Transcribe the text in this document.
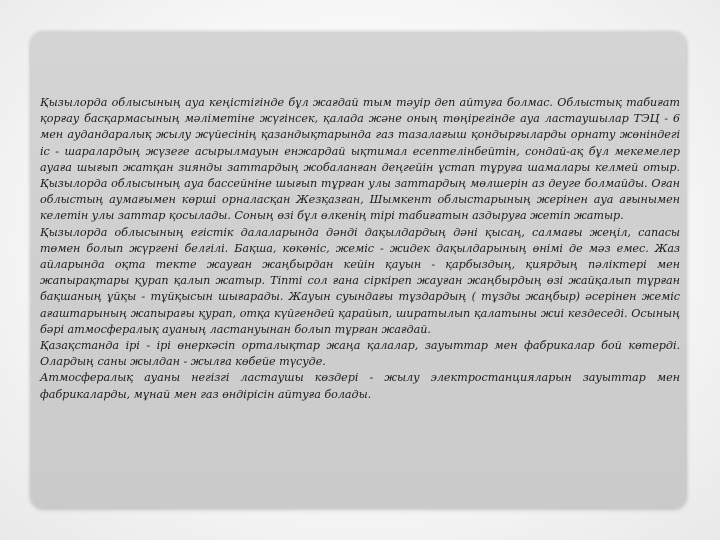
Қызылорда облысының ауа кеңістігінде бұл жағдай тым тәуір деп айтуға болмас. Облыстық табиғат қорғау басқармасының мәліметіне жүгінсек, қалада және оның төңірегінде ауа ластаушылар ТЭЦ - 6 мен аудандаралық жылу жүйесінің қазандықтарында газ тазалағыш қондырғыларды орнату жөніндегі іс - шаралардың жүзеге асырылмауын енжардай ықтимал есептелінбейтін, сондай-ақ бұл мекемелер ауаға шығып жатқан зиянды заттардың жобаланған деңгейін ұстап тұруға шамалары келмей отыр. Қызылорда облысының ауа бассейніне шығып тұрған улы заттардың мөлшерін аз деуге болмайды. Оған облыстың аумағымен көрші орналасқан Жезқазған, Шымкент облыстарының жерінен ауа ағынымен келетін улы заттар қосылады. Соның өзі бұл өлкенің тірі табиғатын аздыруға жетіп жатыр.

Қызылорда облысының егістік далаларында дәнді дақылдардың дәні қысаң, салмағы жеңіл, сапасы төмен болып жүргені белгілі. Бақша, көкөніс, жеміс - жидек дақылдарының өнімі де мәз емес. Жаз айларында оқта текте жауған жаңбырдан кейін қауын - қарбыздың, қиярдың пәліктері мен жапырақтары қурап қалып жатыр. Тіпті сол ғана сіркіреп жауған жаңбырдың өзі жайқалып тұрған бақшаның ұйқы - тұйқысын шығарады. Жауын суындағы тұздардың ( тұзды жаңбыр) әсерінен жеміс ағаштарының жапырағы қурап, отқа күйгендей қарайып, ширатылып қалатыны жиі кездеседі. Осының бәрі атмосфералық ауаның ластануынан болып тұрған жағдай.

Қазақстанда ірі - ірі өнеркәсіп орталықтар жаңа қалалар, зауыттар мен фабрикалар бой көтерді. Олардың саны жылдан - жылға көбейе түсуде.

Атмосфералық ауаны негізгі ластаушы көздері - жылу электростанцияларын зауыттар мен фабрикаларды, мұнай мен газ өндірісін айтуға болады.
